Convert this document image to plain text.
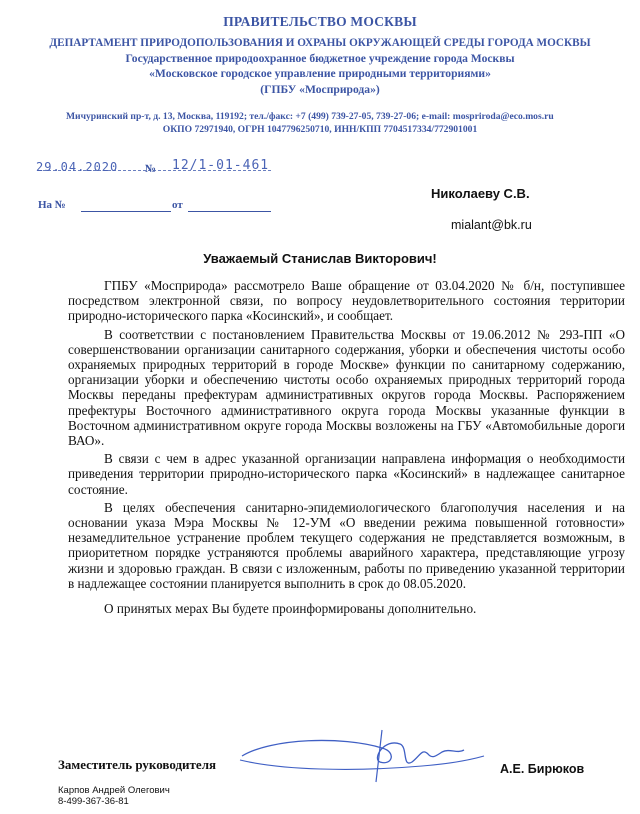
ПРАВИТЕЛЬСТВО МОСКВЫ
ДЕПАРТАМЕНТ ПРИРОДОПОЛЬЗОВАНИЯ И ОХРАНЫ ОКРУЖАЮЩЕЙ СРЕДЫ ГОРОДА МОСКВЫ
Государственное природоохранное бюджетное учреждение города Москвы
«Московское городское управление природными территориями»
(ГПБУ «Мосприрода»)
Мичуринский пр-т, д. 13, Москва, 119192; тел./факс: +7 (499) 739-27-05, 739-27-06; e-mail: mospriroda@eco.mos.ru
ОКПО 72971940, ОГРН 1047796250710, ИНН/КПП 7704517334/772901001
29.04.2020 № 12/1-01-461
На №	от
Николаеву С.В.
mialant@bk.ru
Уважаемый Станислав Викторович!

ГПБУ «Мосприрода» рассмотрело Ваше обращение от 03.04.2020 № б/н, поступившее посредством электронной связи, по вопросу неудовлетворительного состояния территории природно-исторического парка «Косинский», и сообщает.

В соответствии с постановлением Правительства Москвы от 19.06.2012 № 293-ПП «О совершенствовании организации санитарного содержания, уборки и обеспечения чистоты особо охраняемых природных территорий в городе Москве» функции по санитарному содержанию, организации уборки и обеспечению чистоты особо охраняемых природных территорий города Москвы переданы префектурам административных округов города Москвы. Распоряжением префектуры Восточного административного округа города Москвы указанные функции в Восточном административном округе города Москвы возложены на ГБУ «Автомобильные дороги ВАО».

В связи с чем в адрес указанной организации направлена информация о необходимости приведения территории природно-исторического парка «Косинский» в надлежащее санитарное состояние.

В целях обеспечения санитарно-эпидемиологического благополучия населения и на основании указа Мэра Москвы № 12-УМ «О введении режима повышенной готовности» незамедлительное устранение проблем текущего содержания не представляется возможным, в приоритетном порядке устраняются проблемы аварийного характера, представляющие угрозу жизни и здоровью граждан. В связи с изложенным, работы по приведению указанной территории в надлежащее состоянии планируется выполнить в срок до 08.05.2020.

О принятых мерах Вы будете проинформированы дополнительно.

Заместитель руководителя	А.Е. Бирюков
Карпов Андрей Олегович
8-499-367-36-81
